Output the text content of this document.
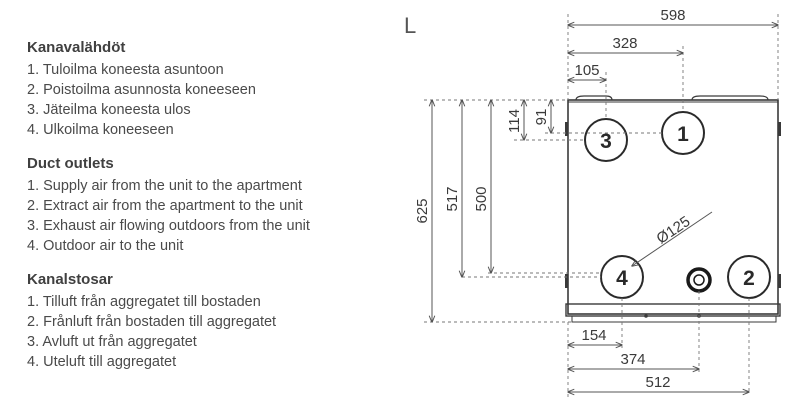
Kanavalähdöt
1. Tuloilma koneesta asuntoon
2. Poistoilma asunnosta koneeseen
3. Jäteilma koneesta ulos
4. Ulkoilma koneeseen
Duct outlets
1. Supply air from the unit to the apartment
2. Extract air from the apartment to the unit
3. Exhaust air flowing outdoors from the unit
4. Outdoor air to the unit
Kanalstosar
1. Tilluft från aggregatet till bostaden
2. Frånluft från bostaden till aggregatet
3. Avluft ut från aggregatet
4. Uteluft till aggregatet
L
1
3
4	2
598
328
105
114 91
625 517 500
154
374
512
Ø125
